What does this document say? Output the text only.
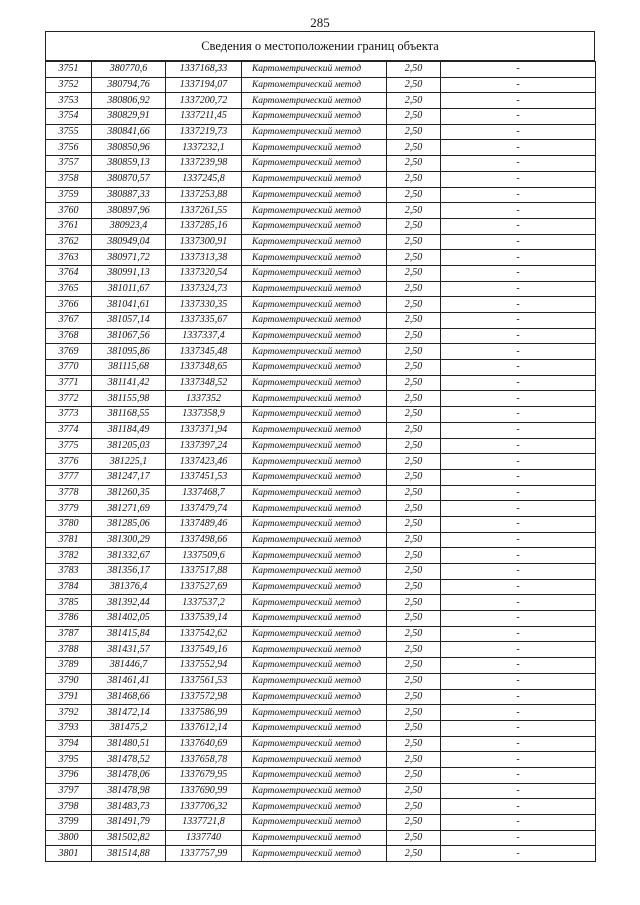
285
Сведения о местоположении границ объекта
3751	380770,6	1337168,33	Картометрический метод	2,50	-
3752	380794,76	1337194,07	Картометрический метод	2,50	-
3753	380806,92	1337200,72	Картометрический метод	2,50	-
3754	380829,91	1337211,45	Картометрический метод	2,50	-
3755	380841,66	1337219,73	Картометрический метод	2,50	-
3756	380850,96	1337232,1	Картометрический метод	2,50	-
3757	380859,13	1337239,98	Картометрический метод	2,50	-
3758	380870,57	1337245,8	Картометрический метод	2,50	-
3759	380887,33	1337253,88	Картометрический метод	2,50	-
3760	380897,96	1337261,55	Картометрический метод	2,50	-
3761	380923,4	1337285,16	Картометрический метод	2,50	-
3762	380949,04	1337300,91	Картометрический метод	2,50	-
3763	380971,72	1337313,38	Картометрический метод	2,50	-
3764	380991,13	1337320,54	Картометрический метод	2,50	-
3765	381011,67	1337324,73	Картометрический метод	2,50	-
3766	381041,61	1337330,35	Картометрический метод	2,50	-
3767	381057,14	1337335,67	Картометрический метод	2,50	-
3768	381067,56	1337337,4	Картометрический метод	2,50	-
3769	381095,86	1337345,48	Картометрический метод	2,50	-
3770	381115,68	1337348,65	Картометрический метод	2,50	-
3771	381141,42	1337348,52	Картометрический метод	2,50	-
3772	381155,98	1337352	Картометрический метод	2,50	-
3773	381168,55	1337358,9	Картометрический метод	2,50	-
3774	381184,49	1337371,94	Картометрический метод	2,50	-
3775	381205,03	1337397,24	Картометрический метод	2,50	-
3776	381225,1	1337423,46	Картометрический метод	2,50	-
3777	381247,17	1337451,53	Картометрический метод	2,50	-
3778	381260,35	1337468,7	Картометрический метод	2,50	-
3779	381271,69	1337479,74	Картометрический метод	2,50	-
3780	381285,06	1337489,46	Картометрический метод	2,50	-
3781	381300,29	1337498,66	Картометрический метод	2,50	-
3782	381332,67	1337509,6	Картометрический метод	2,50	-
3783	381356,17	1337517,88	Картометрический метод	2,50	-
3784	381376,4	1337527,69	Картометрический метод	2,50	-
3785	381392,44	1337537,2	Картометрический метод	2,50	-
3786	381402,05	1337539,14	Картометрический метод	2,50	-
3787	381415,84	1337542,62	Картометрический метод	2,50	-
3788	381431,57	1337549,16	Картометрический метод	2,50	-
3789	381446,7	1337552,94	Картометрический метод	2,50	-
3790	381461,41	1337561,53	Картометрический метод	2,50	-
3791	381468,66	1337572,98	Картометрический метод	2,50	-
3792	381472,14	1337586,99	Картометрический метод	2,50	-
3793	381475,2	1337612,14	Картометрический метод	2,50	-
3794	381480,51	1337640,69	Картометрический метод	2,50	-
3795	381478,52	1337658,78	Картометрический метод	2,50	-
3796	381478,06	1337679,95	Картометрический метод	2,50	-
3797	381478,98	1337690,99	Картометрический метод	2,50	-
3798	381483,73	1337706,32	Картометрический метод	2,50	-
3799	381491,79	1337721,8	Картометрический метод	2,50	-
3800	381502,82	1337740	Картометрический метод	2,50	-
3801	381514,88	1337757,99	Картометрический метод	2,50	-
